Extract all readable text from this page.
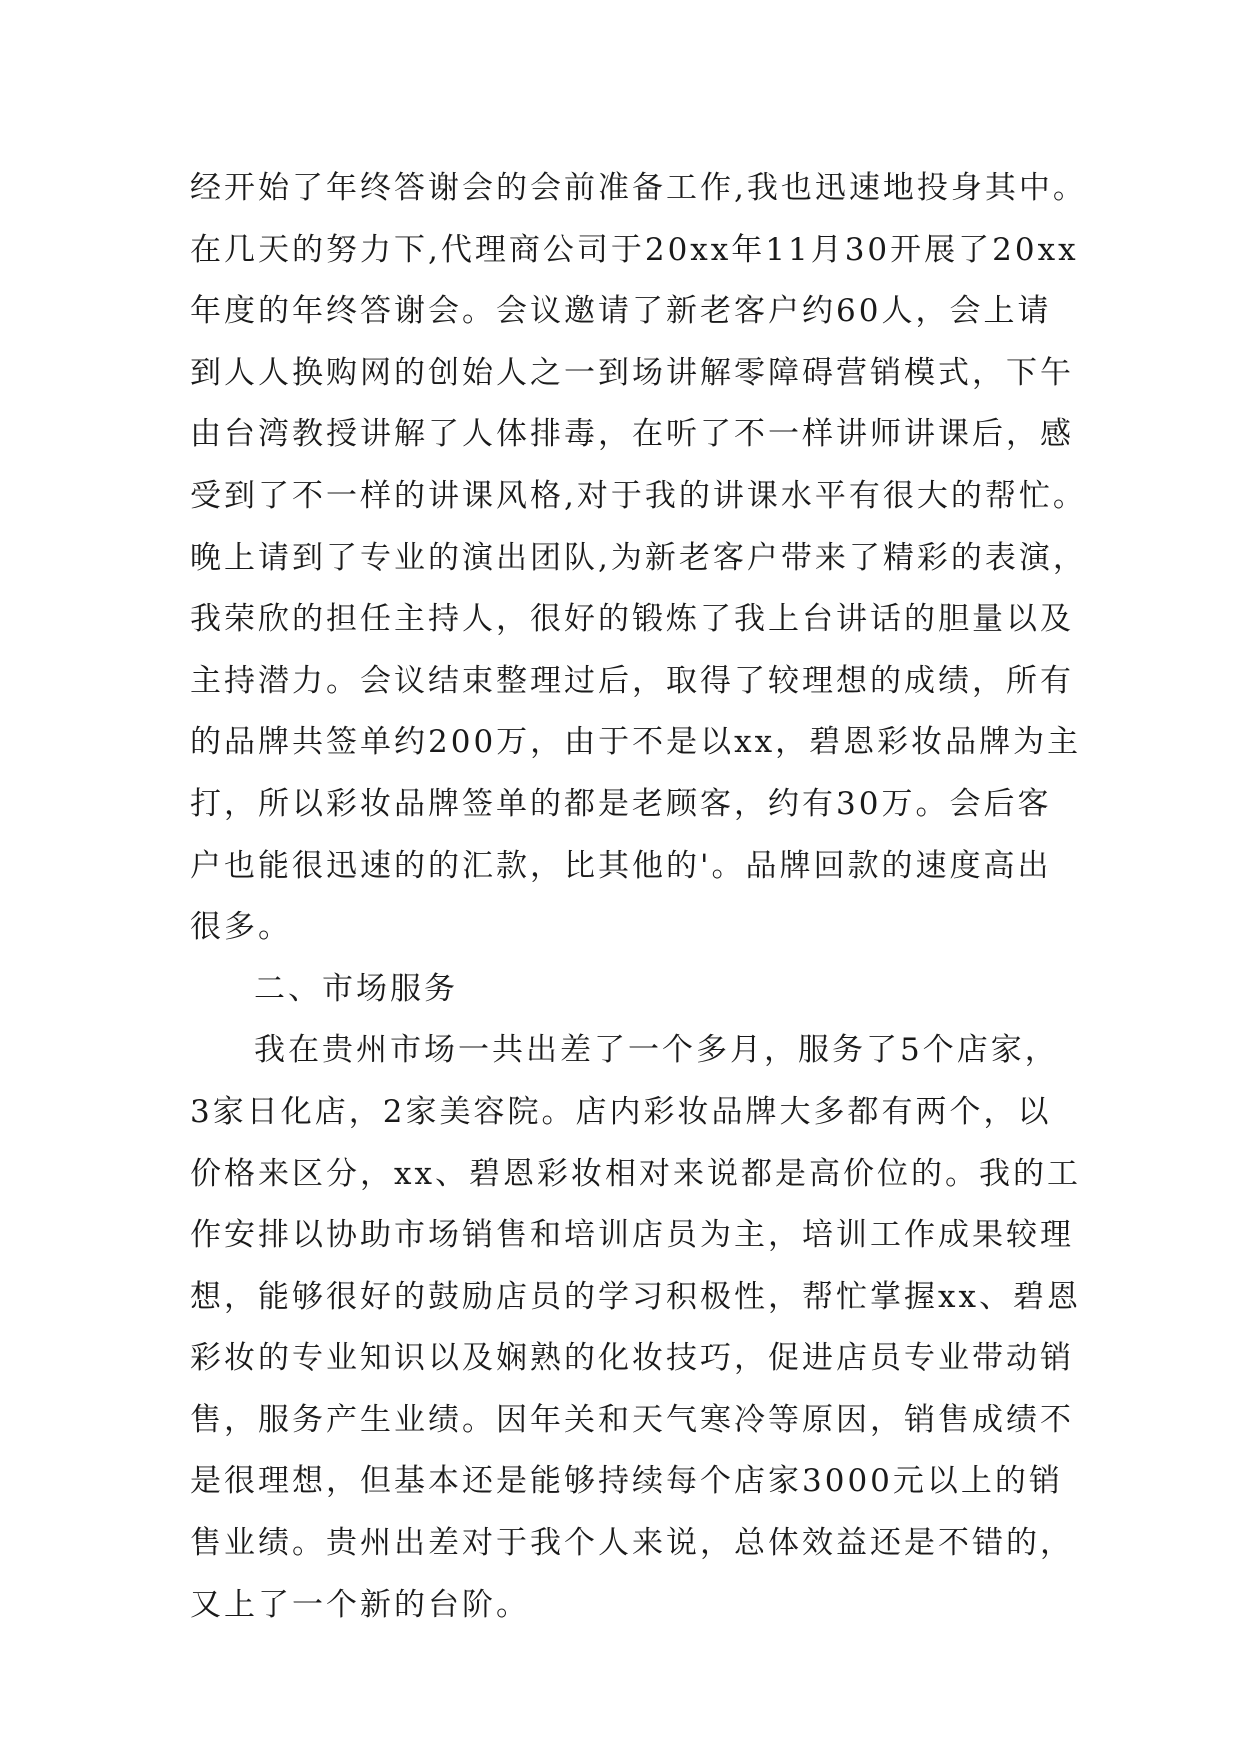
经开始了年终答谢会的会前准备工作,我也迅速地投身其中。
在几天的努力下,代理商公司于20xx年11月30开展了20xx
年度的年终答谢会。会议邀请了新老客户约60人，会上请
到人人换购网的创始人之一到场讲解零障碍营销模式，下午
由台湾教授讲解了人体排毒，在听了不一样讲师讲课后，感
受到了不一样的讲课风格,对于我的讲课水平有很大的帮忙。
晚上请到了专业的演出团队,为新老客户带来了精彩的表演，
我荣欣的担任主持人，很好的锻炼了我上台讲话的胆量以及
主持潜力。会议结束整理过后，取得了较理想的成绩，所有
的品牌共签单约200万，由于不是以xx，碧恩彩妆品牌为主
打，所以彩妆品牌签单的都是老顾客，约有30万。会后客
户也能很迅速的的汇款，比其他的'。品牌回款的速度高出
很多。
二、市场服务
我在贵州市场一共出差了一个多月，服务了5个店家，
3家日化店，2家美容院。店内彩妆品牌大多都有两个，以
价格来区分，xx、碧恩彩妆相对来说都是高价位的。我的工
作安排以协助市场销售和培训店员为主，培训工作成果较理
想，能够很好的鼓励店员的学习积极性，帮忙掌握xx、碧恩
彩妆的专业知识以及娴熟的化妆技巧，促进店员专业带动销
售，服务产生业绩。因年关和天气寒冷等原因，销售成绩不
是很理想，但基本还是能够持续每个店家3000元以上的销
售业绩。贵州出差对于我个人来说，总体效益还是不错的，
又上了一个新的台阶。
